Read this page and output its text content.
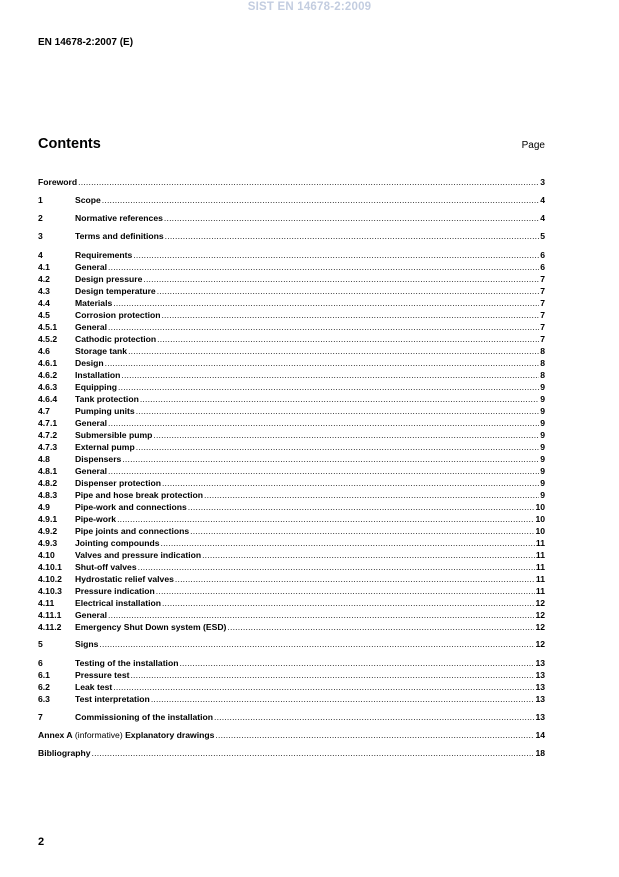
SIST EN 14678-2:2009
EN 14678-2:2007 (E)
Contents	Page
Foreword .....	3
1	Scope .....	4
2	Normative references .....	4
3	Terms and definitions .....	5
4	Requirements .....	6
4.1	General .....	6
4.2	Design pressure .....	7
4.3	Design temperature .....	7
4.4	Materials .....	7
4.5	Corrosion protection .....	7
4.5.1	General .....	7
4.5.2	Cathodic protection .....	7
4.6	Storage tank .....	8
4.6.1	Design .....	8
4.6.2	Installation .....	8
4.6.3	Equipping .....	9
4.6.4	Tank protection .....	9
4.7	Pumping units .....	9
4.7.1	General .....	9
4.7.2	Submersible pump .....	9
4.7.3	External pump .....	9
4.8	Dispensers .....	9
4.8.1	General .....	9
4.8.2	Dispenser protection .....	9
4.8.3	Pipe and hose break protection .....	9
4.9	Pipe-work and connections .....	10
4.9.1	Pipe-work .....	10
4.9.2	Pipe joints and connections .....	10
4.9.3	Jointing compounds .....	11
4.10	Valves and pressure indication .....	11
4.10.1	Shut-off valves .....	11
4.10.2	Hydrostatic relief valves .....	11
4.10.3	Pressure indication .....	11
4.11	Electrical installation .....	12
4.11.1	General .....	12
4.11.2	Emergency Shut Down system (ESD) .....	12
5	Signs .....	12
6	Testing of the installation .....	13
6.1	Pressure test .....	13
6.2	Leak test .....	13
6.3	Test interpretation .....	13
7	Commissioning of the installation .....	13
Annex A (informative) Explanatory drawings .....	14
Bibliography .....	18
2
